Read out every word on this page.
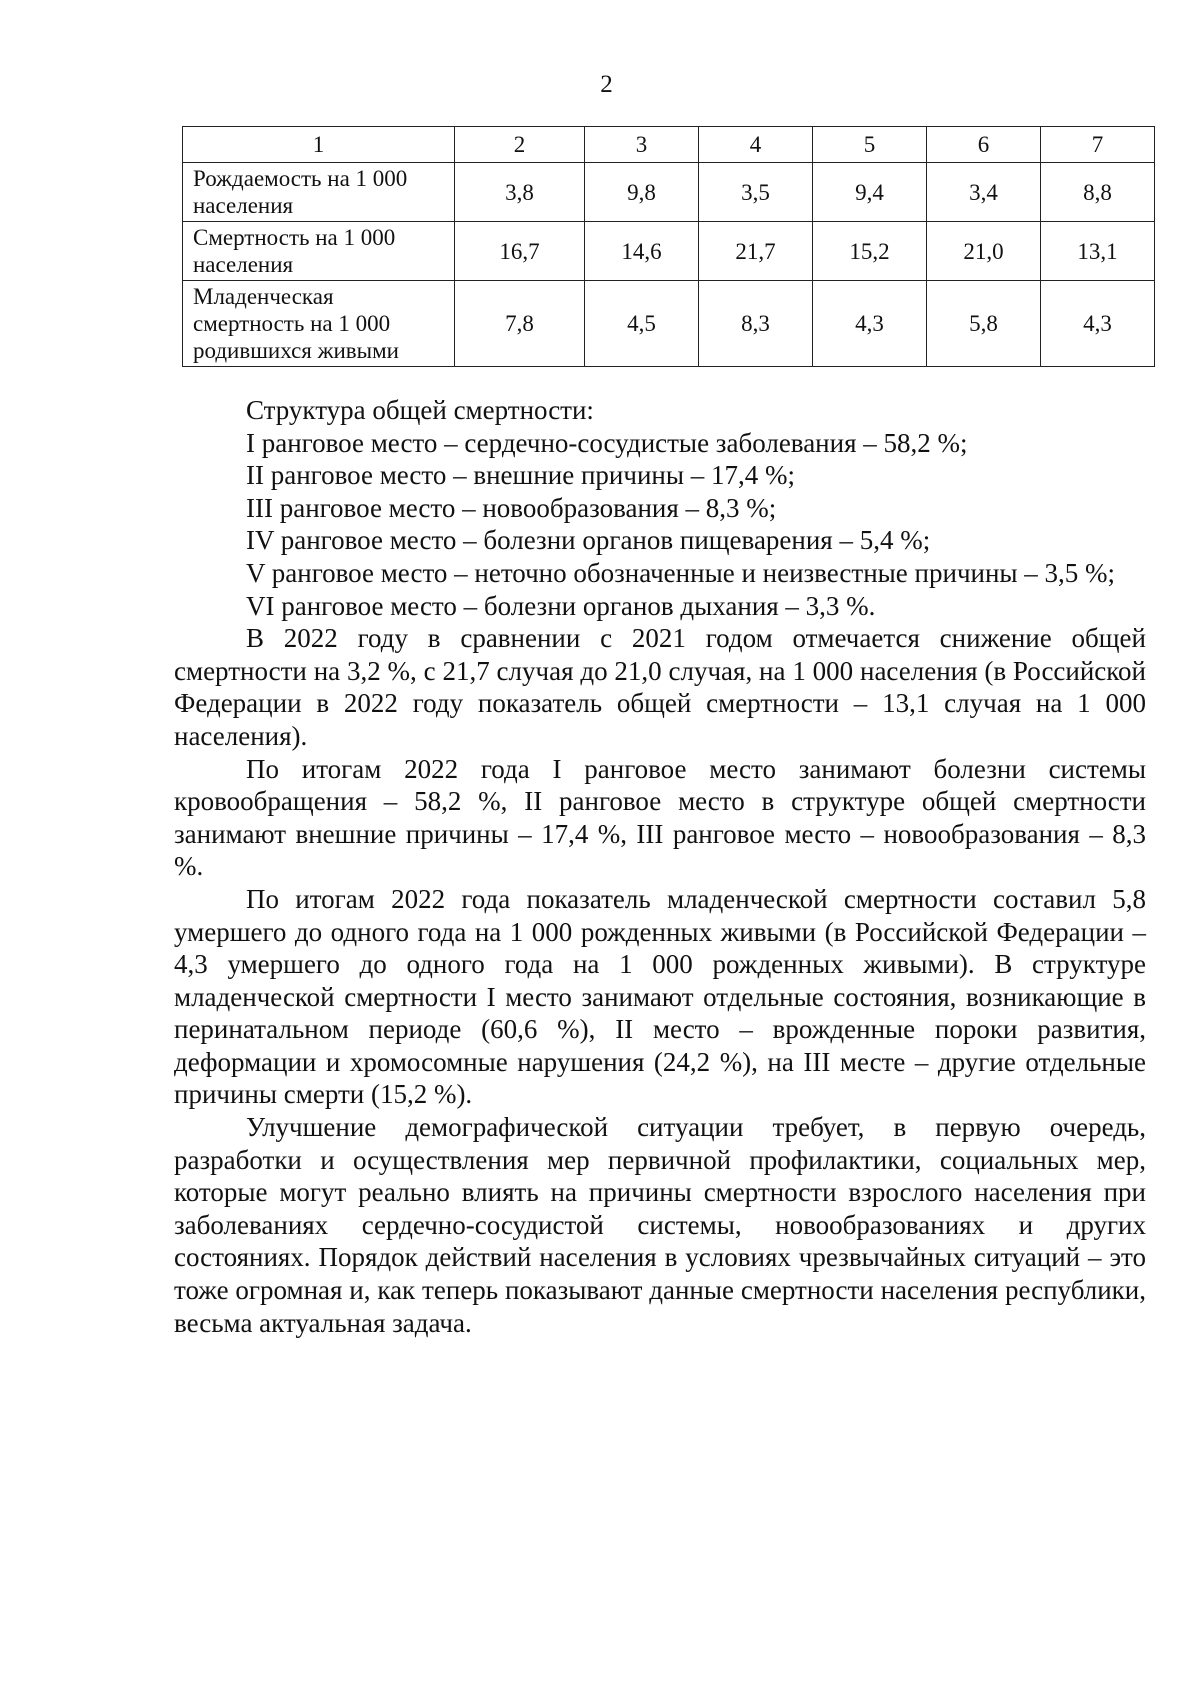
2
1	2	3	4	5	6	7
Рождаемость на 1 000 населения	3,8	9,8	3,5	9,4	3,4	8,8
Смертность на 1 000 населения	16,7	14,6	21,7	15,2	21,0	13,1
Младенческая смертность на 1 000 родившихся живыми	7,8	4,5	8,3	4,3	5,8	4,3

Структура общей смертности:

I ранговое место – сердечно-сосудистые заболевания – 58,2 %;

II ранговое место – внешние причины – 17,4 %;

III ранговое место – новообразования – 8,3 %;

IV ранговое место – болезни органов пищеварения – 5,4 %;

V ранговое место – неточно обозначенные и неизвестные причины – 3,5 %;

VI ранговое место – болезни органов дыхания – 3,3 %.

В 2022 году в сравнении с 2021 годом отмечается снижение общей смертности на 3,2 %, с 21,7 случая до 21,0 случая, на 1 000 населения (в Российской Федерации в 2022 году показатель общей смертности – 13,1 случая на 1 000 населения).

По итогам 2022 года I ранговое место занимают болезни системы кровообращения – 58,2 %, II ранговое место в структуре общей смертности занимают внешние причины – 17,4 %, III ранговое место – новообразования – 8,3 %.

По итогам 2022 года показатель младенческой смертности составил 5,8 умершего до одного года на 1 000 рожденных живыми (в Российской Федерации – 4,3 умершего до одного года на 1 000 рожденных живыми). В структуре младенческой смертности I место занимают отдельные состояния, возникающие в перинатальном периоде (60,6 %), II место – врожденные пороки развития, деформации и хромосомные нарушения (24,2 %), на III месте – другие отдельные причины смерти (15,2 %).

Улучшение демографической ситуации требует, в первую очередь, разработки и осуществления мер первичной профилактики, социальных мер, которые могут реально влиять на причины смертности взрослого населения при заболеваниях сердечно-сосудистой системы, новообразованиях и других состояниях. Порядок действий населения в условиях чрезвычайных ситуаций – это тоже огромная и, как теперь показывают данные смертности населения республики, весьма актуальная задача.
